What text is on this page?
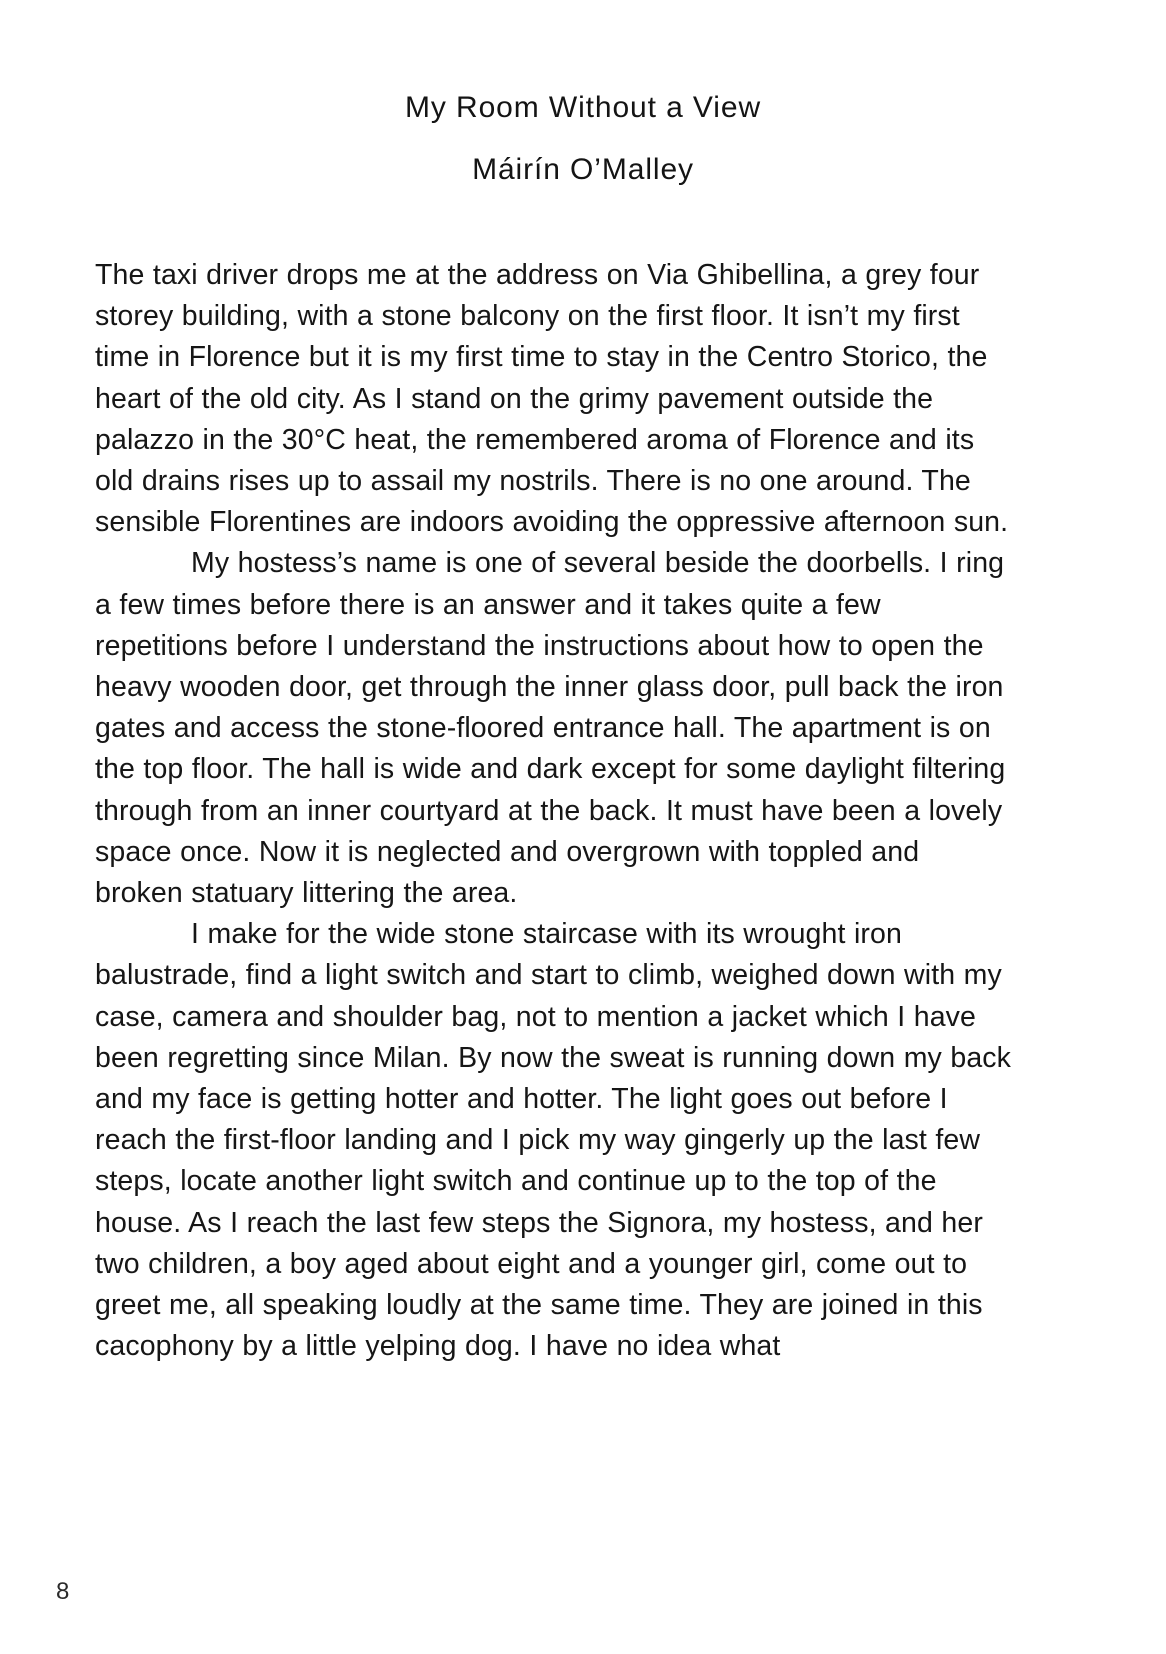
My Room Without a View
Máirín O’Malley

The taxi driver drops me at the address on Via Ghibellina, a grey four storey building, with a stone balcony on the first floor. It isn’t my first time in Florence but it is my first time to stay in the Centro Storico, the heart of the old city. As I stand on the grimy pavement outside the palazzo in the 30°C heat, the remembered aroma of Florence and its old drains rises up to assail my nostrils. There is no one around. The sensible Florentines are indoors avoiding the oppressive afternoon sun.

My hostess’s name is one of several beside the doorbells. I ring a few times before there is an answer and it takes quite a few repetitions before I understand the instructions about how to open the heavy wooden door, get through the inner glass door, pull back the iron gates and access the stone-floored entrance hall. The apartment is on the top floor. The hall is wide and dark except for some daylight filtering through from an inner courtyard at the back. It must have been a lovely space once. Now it is neglected and overgrown with toppled and broken statuary littering the area.

I make for the wide stone staircase with its wrought iron balustrade, find a light switch and start to climb, weighed down with my case, camera and shoulder bag, not to mention a jacket which I have been regretting since Milan. By now the sweat is running down my back and my face is getting hotter and hotter. The light goes out before I reach the first-floor landing and I pick my way gingerly up the last few steps, locate another light switch and continue up to the top of the house. As I reach the last few steps the Signora, my hostess, and her two children, a boy aged about eight and a younger girl, come out to greet me, all speaking loudly at the same time. They are joined in this cacophony by a little yelping dog. I have no idea what

8
